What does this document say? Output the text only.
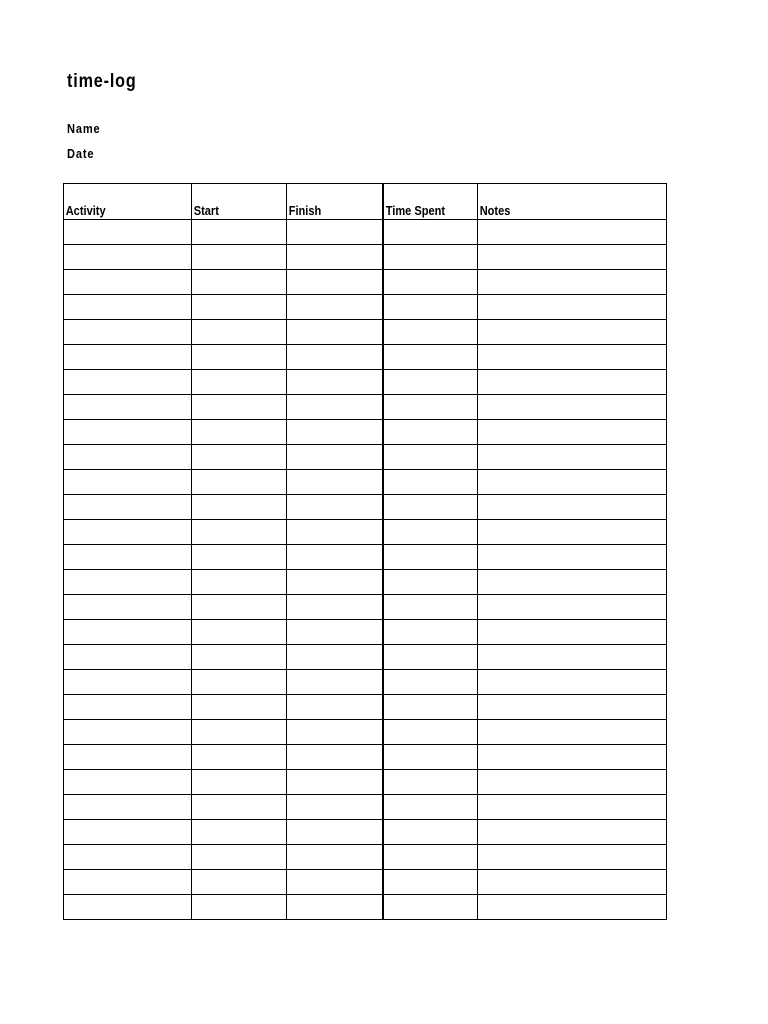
time-log
Name
Date
Activity	Start	Finish	Time Spent	Notes
